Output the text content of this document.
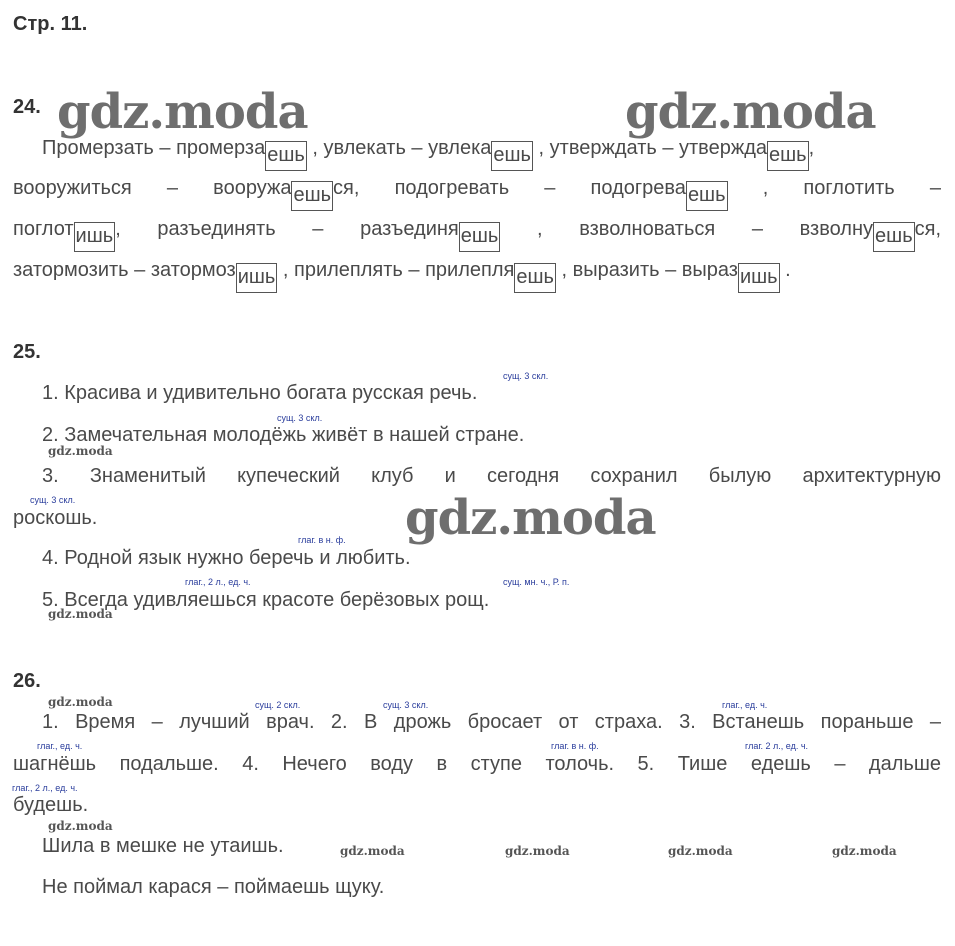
Стр. 11.
gdz.moda	gdz.moda
gdz.moda
gdz.moda
gdz.moda
gdz.moda
gdz.moda
gdz.moda	gdz.moda	gdz.moda	gdz.moda
24.
Промерзать – промерза ешь , увлекать – увлека ешь , утверждать – утвержда ешь ,
вооружиться – вооружа ешь ся, подогревать – подогрева ешь , поглотить –
поглот ишь , разъединять – разъединя ешь , взволноваться – взволну ешь ся,
затормозить – затормоз ишь , прилеплять – прилепля ешь , выразить – выраз ишь .
25.
сущ. 3 скл.
1. Красива и удивительно богата русская речь.
сущ. 3 скл.
2. Замечательная молодёжь живёт в нашей стране.
3. Знаменитый купеческий клуб и сегодня сохранил былую архитектурную
сущ. 3 скл.
роскошь.
глаг. в н. ф.
4. Родной язык нужно беречь и любить.
глаг., 2 л., ед. ч.	сущ. мн. ч., Р. п.
5. Всегда удивляешься красоте берёзовых рощ.
26.
сущ. 2 скл.	сущ. 3 скл.	глаг., ед. ч.
1. Время – лучший врач. 2. В дрожь бросает от страха. 3. Встанешь пораньше –
глаг., ед. ч.	глаг. в н. ф.	глаг. 2 л., ед. ч.
шагнёшь подальше. 4. Нечего воду в ступе толочь. 5. Тише едешь – дальше
глаг., 2 л., ед. ч.
будешь.
Шила в мешке не утаишь.
Не поймал карася – поймаешь щуку.
